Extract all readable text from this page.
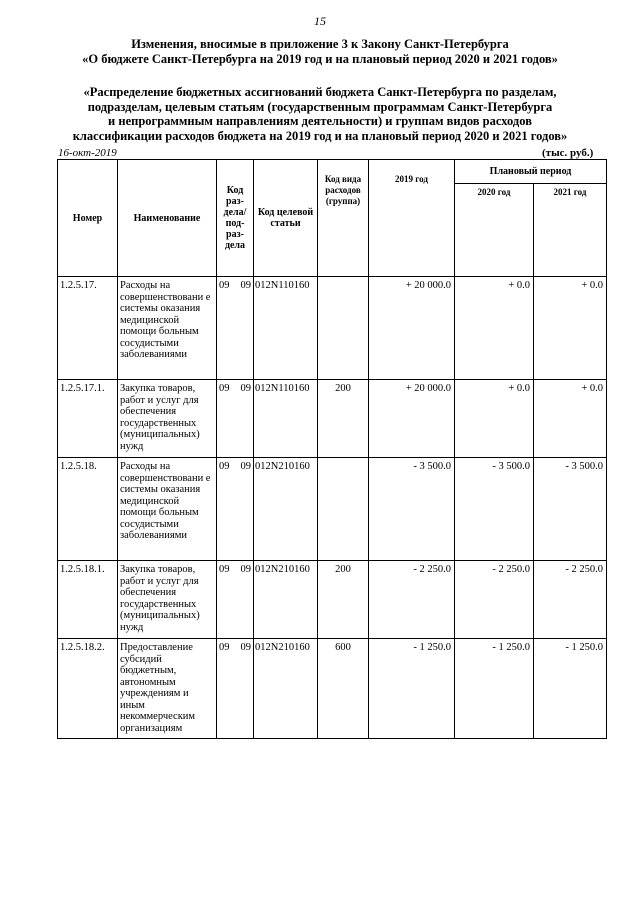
15
Изменения, вносимые в приложение 3 к Закону Санкт-Петербурга
«О бюджете Санкт-Петербурга на 2019 год и на плановый период 2020 и 2021 годов»
«Распределение бюджетных ассигнований бюджета Санкт-Петербурга по разделам,
подразделам, целевым статьям (государственным программам Санкт-Петербурга
и непрограммным направлениям деятельности) и группам видов расходов
классификации расходов бюджета на 2019 год и на плановый период 2020 и 2021 годов»
16-окт-2019	(тыс. руб.)
Номер	Наименование	Код раз-дела/ под-раз-дела	Код целевой статьи	Код вида расходов (группа)	2019 год	Плановый период	
						2020 год	2021 год
1.2.5.17.	Расходы на совершенствовани е системы оказания медицинской помощи больным сосудистыми заболеваниями	09 09	012N110160		+ 20 000.0	+ 0.0	+ 0.0
1.2.5.17.1.	Закупка товаров, работ и услуг для обеспечения государственных (муниципальных) нужд	09 09	012N110160	200	+ 20 000.0	+ 0.0	+ 0.0
1.2.5.18.	Расходы на совершенствовани е системы оказания медицинской помощи больным сосудистыми заболеваниями	09 09	012N210160		- 3 500.0	- 3 500.0	- 3 500.0
1.2.5.18.1.	Закупка товаров, работ и услуг для обеспечения государственных (муниципальных) нужд	09 09	012N210160	200	- 2 250.0	- 2 250.0	- 2 250.0
1.2.5.18.2.	Предоставление субсидий бюджетным, автономным учреждениям и иным некоммерческим организациям	09 09	012N210160	600	- 1 250.0	- 1 250.0	- 1 250.0
